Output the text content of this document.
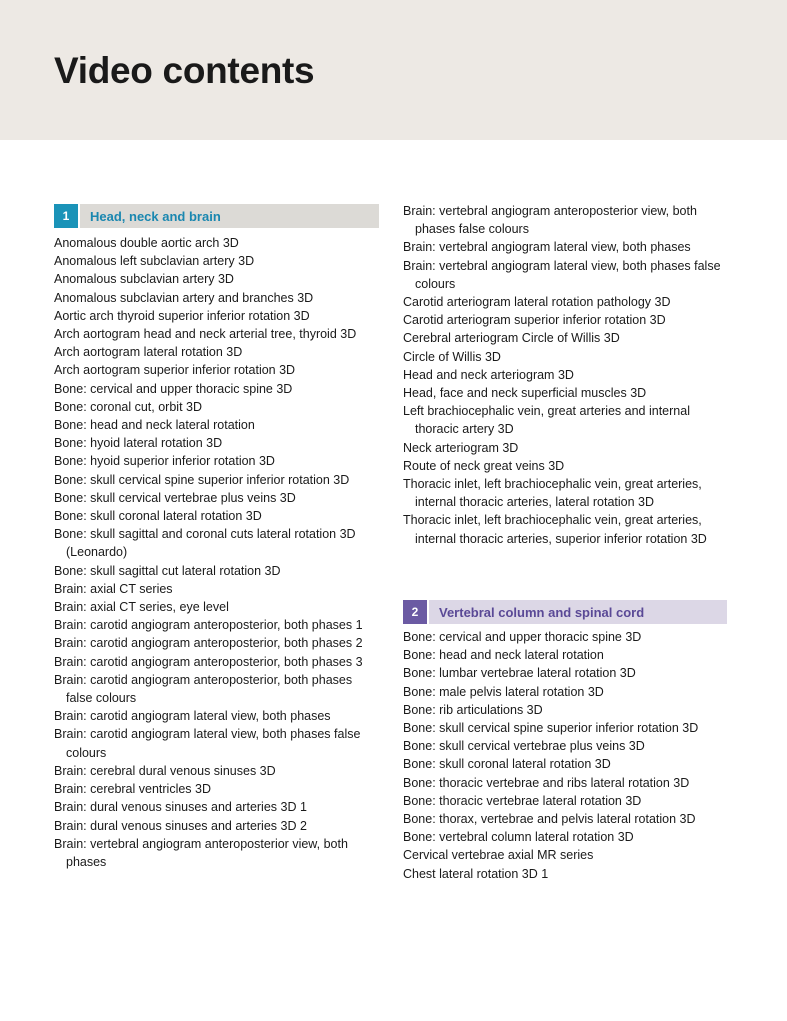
Video contents
1	Head, neck and brain
Anomalous double aortic arch 3D
Anomalous left subclavian artery 3D
Anomalous subclavian artery 3D
Anomalous subclavian artery and branches 3D
Aortic arch thyroid superior inferior rotation 3D
Arch aortogram head and neck arterial tree, thyroid 3D
Arch aortogram lateral rotation 3D
Arch aortogram superior inferior rotation 3D
Bone: cervical and upper thoracic spine 3D
Bone: coronal cut, orbit 3D
Bone: head and neck lateral rotation
Bone: hyoid lateral rotation 3D
Bone: hyoid superior inferior rotation 3D
Bone: skull cervical spine superior inferior rotation 3D
Bone: skull cervical vertebrae plus veins 3D
Bone: skull coronal lateral rotation 3D
Bone: skull sagittal and coronal cuts lateral rotation 3D (Leonardo)
Bone: skull sagittal cut lateral rotation 3D
Brain: axial CT series
Brain: axial CT series, eye level
Brain: carotid angiogram anteroposterior, both phases 1
Brain: carotid angiogram anteroposterior, both phases 2
Brain: carotid angiogram anteroposterior, both phases 3
Brain: carotid angiogram anteroposterior, both phases false colours
Brain: carotid angiogram lateral view, both phases
Brain: carotid angiogram lateral view, both phases false colours
Brain: cerebral dural venous sinuses 3D
Brain: cerebral ventricles 3D
Brain: dural venous sinuses and arteries 3D 1
Brain: dural venous sinuses and arteries 3D 2
Brain: vertebral angiogram anteroposterior view, both phases
Brain: vertebral angiogram anteroposterior view, both phases false colours
Brain: vertebral angiogram lateral view, both phases
Brain: vertebral angiogram lateral view, both phases false colours
Carotid arteriogram lateral rotation pathology 3D
Carotid arteriogram superior inferior rotation 3D
Cerebral arteriogram Circle of Willis 3D
Circle of Willis 3D
Head and neck arteriogram 3D
Head, face and neck superficial muscles 3D
Left brachiocephalic vein, great arteries and internal thoracic artery 3D
Neck arteriogram 3D
Route of neck great veins 3D
Thoracic inlet, left brachiocephalic vein, great arteries, internal thoracic arteries, lateral rotation 3D
Thoracic inlet, left brachiocephalic vein, great arteries, internal thoracic arteries, superior inferior rotation 3D
2	Vertebral column and spinal cord
Bone: cervical and upper thoracic spine 3D
Bone: head and neck lateral rotation
Bone: lumbar vertebrae lateral rotation 3D
Bone: male pelvis lateral rotation 3D
Bone: rib articulations 3D
Bone: skull cervical spine superior inferior rotation 3D
Bone: skull cervical vertebrae plus veins 3D
Bone: skull coronal lateral rotation 3D
Bone: thoracic vertebrae and ribs lateral rotation 3D
Bone: thoracic vertebrae lateral rotation 3D
Bone: thorax, vertebrae and pelvis lateral rotation 3D
Bone: vertebral column lateral rotation 3D
Cervical vertebrae axial MR series
Chest lateral rotation 3D 1
